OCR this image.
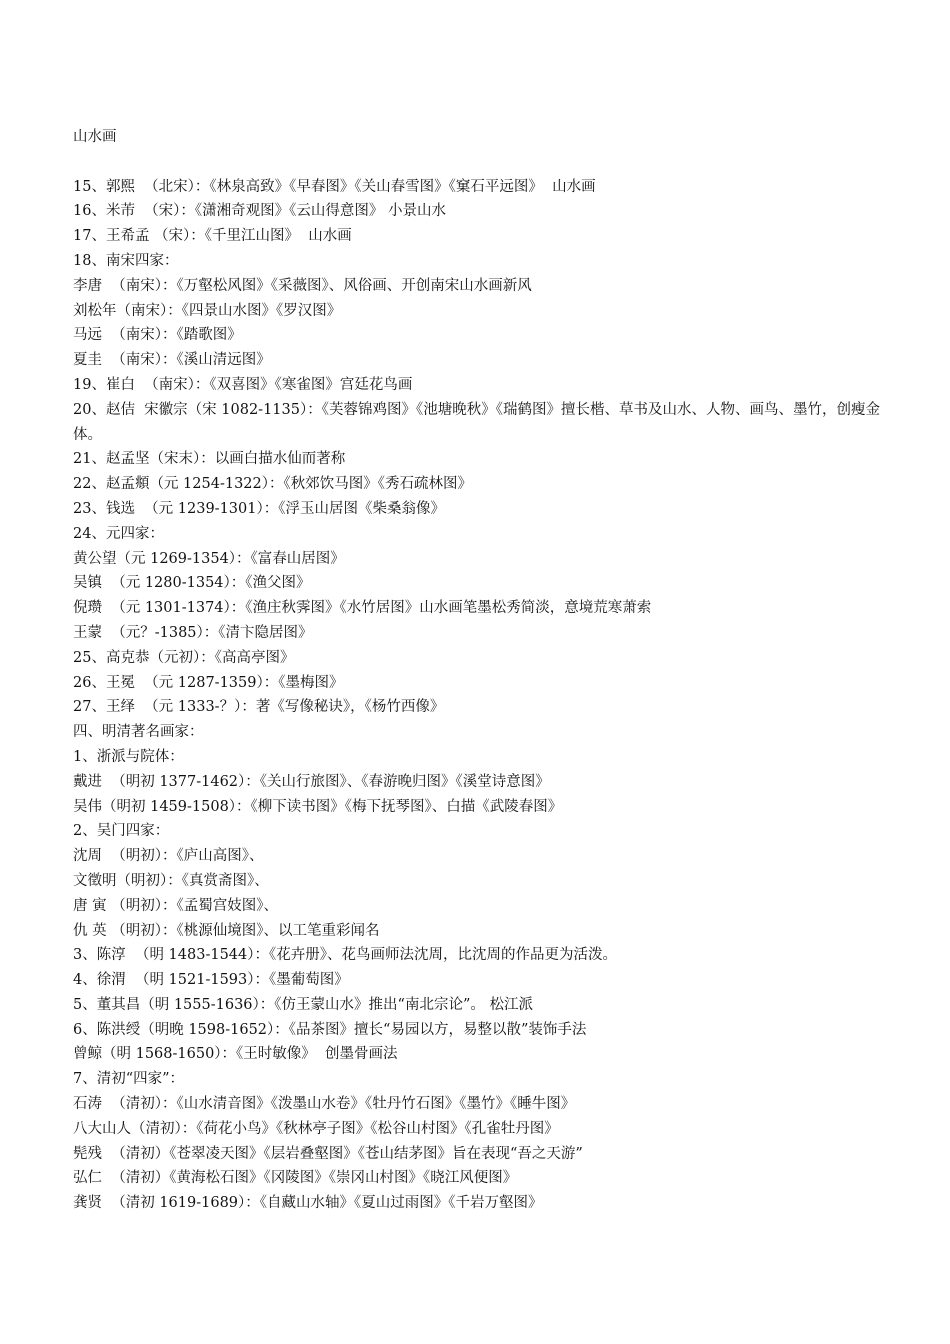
山水画
15、郭熙  （北宋）：《林泉高致》《早春图》《关山春雪图》《窠石平远图》  山水画
16、米芾  （宋）：《潇湘奇观图》《云山得意图》 小景山水
17、王希孟 （宋）：《千里江山图》  山水画
18、南宋四家：
李唐  （南宋）：《万壑松风图》《采薇图》、风俗画、开创南宋山水画新风
刘松年（南宋）：《四景山水图》《罗汉图》
马远  （南宋）：《踏歌图》
夏圭  （南宋）：《溪山清远图》
19、崔白  （南宋）：《双喜图》《寒雀图》宫廷花鸟画
20、赵佶  宋徽宗（宋 1082-1135）：《芙蓉锦鸡图》《池塘晚秋》《瑞鹤图》擅长楷、草书及山水、人物、画鸟、墨竹，创瘦金体。
21、赵孟坚（宋末）：以画白描水仙而著称
22、赵孟頫（元 1254-1322）：《秋郊饮马图》《秀石疏林图》
23、钱选  （元 1239-1301）：《浮玉山居图《柴桑翁像》
24、元四家：
黄公望（元 1269-1354）：《富春山居图》
吴镇  （元 1280-1354）：《渔父图》
倪瓒  （元 1301-1374）：《渔庄秋霁图》《水竹居图》山水画笔墨松秀简淡，意境荒寒萧索
王蒙  （元？-1385）：《清卞隐居图》
25、高克恭（元初）：《高高亭图》
26、王冕  （元 1287-1359）：《墨梅图》
27、王绎  （元 1333-？）：著《写像秘诀》，《杨竹西像》
四、明清著名画家：
1、浙派与院体：
戴进  （明初 1377-1462）：《关山行旅图》、《春游晚归图》《溪堂诗意图》
吴伟（明初 1459-1508）：《柳下读书图》《梅下抚琴图》、白描《武陵春图》
2、吴门四家：
沈周  （明初）：《庐山高图》、
文徵明（明初）：《真赏斋图》、
唐 寅 （明初）：《孟蜀宫妓图》、
仇 英 （明初）：《桃源仙境图》、以工笔重彩闻名
3、陈淳  （明 1483-1544）：《花卉册》、花鸟画师法沈周，比沈周的作品更为活泼。
4、徐渭  （明 1521-1593）：《墨葡萄图》
5、董其昌（明 1555-1636）：《仿王蒙山水》推出“南北宗论”。 松江派
6、陈洪绶（明晚 1598-1652）：《品茶图》擅长“易园以方，易整以散”装饰手法
曾鲸（明 1568-1650）：《王时敏像》  创墨骨画法
7、清初“四家”：
石涛  （清初）：《山水清音图》《泼墨山水卷》《牡丹竹石图》《墨竹》《睡牛图》
八大山人（清初）：《荷花小鸟》《秋林亭子图》《松谷山村图》《孔雀牡丹图》
髡残  （清初）《苍翠凌天图》《层岩叠壑图》《苍山结茅图》旨在表现“吾之天游”
弘仁  （清初）《黄海松石图》《冈陵图》《崇冈山村图》《晓江风便图》
龚贤  （清初 1619-1689）：《自藏山水轴》《夏山过雨图》《千岩万壑图》
